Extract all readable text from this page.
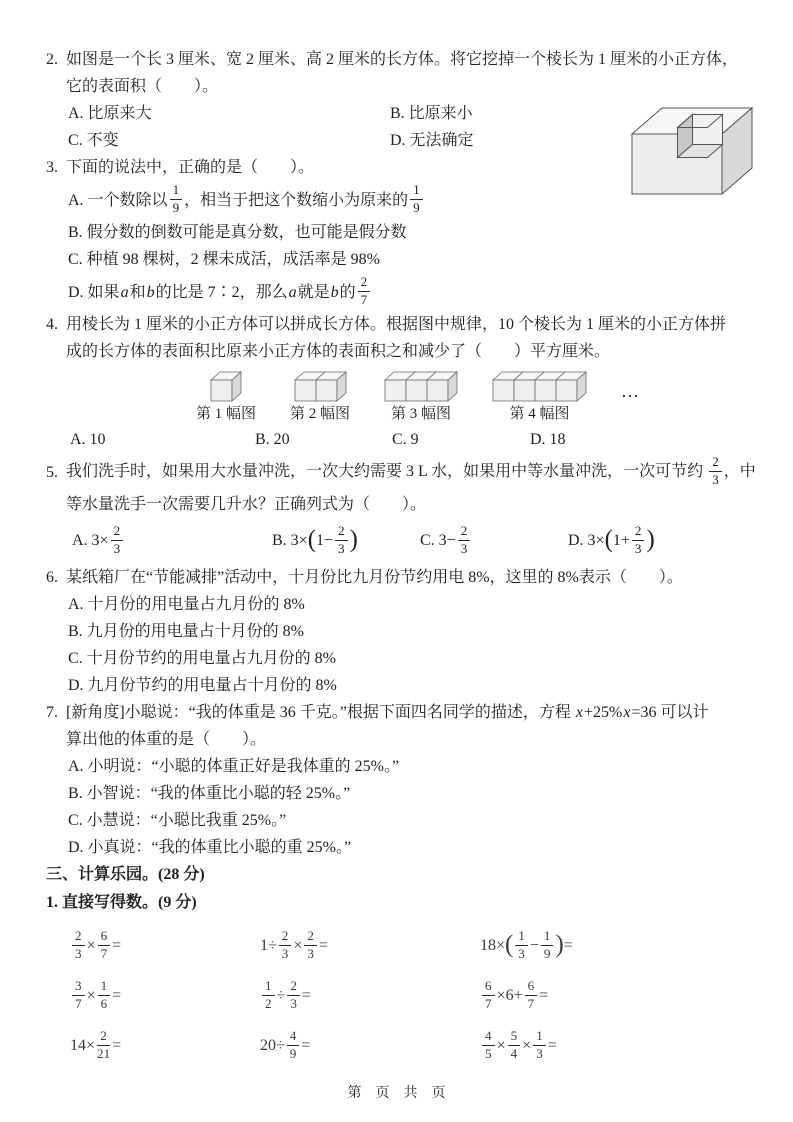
2. 如图是一个长 3 厘米、宽 2 厘米、高 2 厘米的长方体。将它挖掉一个棱长为 1 厘米的小正方体，
它的表面积（　　）。
A. 比原来大	B. 比原来小
C. 不变	D. 无法确定
3. 下面的说法中，正确的是（　　）。
A. 一个数除以 $\frac{1}{9}$ ，相当于把这个数缩小为原来的 $\frac{1}{9}$
B. 假分数的倒数可能是真分数，也可能是假分数
C. 种植 98 棵树，2 棵未成活，成活率是 98%
D. 如果 a 和 b 的比是 7∶2，那么 a 就是 b 的 $\frac{2}{7}$
4. 用棱长为 1 厘米的小正方体可以拼成长方体。根据图中规律，10 个棱长为 1 厘米的小正方体拼
成的长方体的表面积比原来小正方体的表面积之和减少了（　　）平方厘米。
第 1 幅图 第 2 幅图	第 3 幅图	第 4 幅图
…
A. 10	B. 20	C. 9	D. 18
5. 我们洗手时，如果用大水量冲洗，一次大约需要 3 L 水，如果用中等水量冲洗，一次可节约 $\frac{2}{3}$ ，中
等水量洗手一次需要几升水？正确列式为（　　）。
A. $3\times \frac{2}{3}$	B. $3\times(1- \frac{2}{3}$ )	C. $3- \frac{2}{3}$	D. $3\times(1+ \frac{2}{3}$ )
6. 某纸箱厂在“节能减排”活动中，十月份比九月份节约用电 8%，这里的 8%表示（　　）。
A. 十月份的用电量占九月份的 8%
B. 九月份的用电量占十月份的 8%
C. 十月份节约的用电量占九月份的 8%
D. 九月份节约的用电量占十月份的 8%
7. [新角度]小聪说：“我的体重是 36 千克。”根据下面四名同学的描述，方程 x+25%x=36 可以计
算出他的体重的是（　　）。
A. 小明说：“小聪的体重正好是我体重的 25%。”
B. 小智说：“我的体重比小聪的轻 25%。”
C. 小慧说：“小聪比我重 25%。”
D. 小真说：“我的体重比小聪的重 25%。”
三、计算乐园。(28 分)
1. 直接写得数。(9 分)
$\frac{2}{3} \times \frac{6}{7}$ =	$1\div \frac{2}{3} \times \frac{2}{3}$ =	$18\times( \frac{1}{3} - \frac{1}{9}$ )=
$\frac{3}{7} \times \frac{1}{6}$ =	$\frac{1}{2} \div \frac{2}{3}$ =	$\frac{6}{7} \times 6+ \frac{6}{7}$ =
$14\times \frac{2}{21}$ =	$20\div \frac{4}{9}$ =	$\frac{4}{5} \times \frac{5}{4} \times \frac{1}{3}$ =
第　页　共　页
